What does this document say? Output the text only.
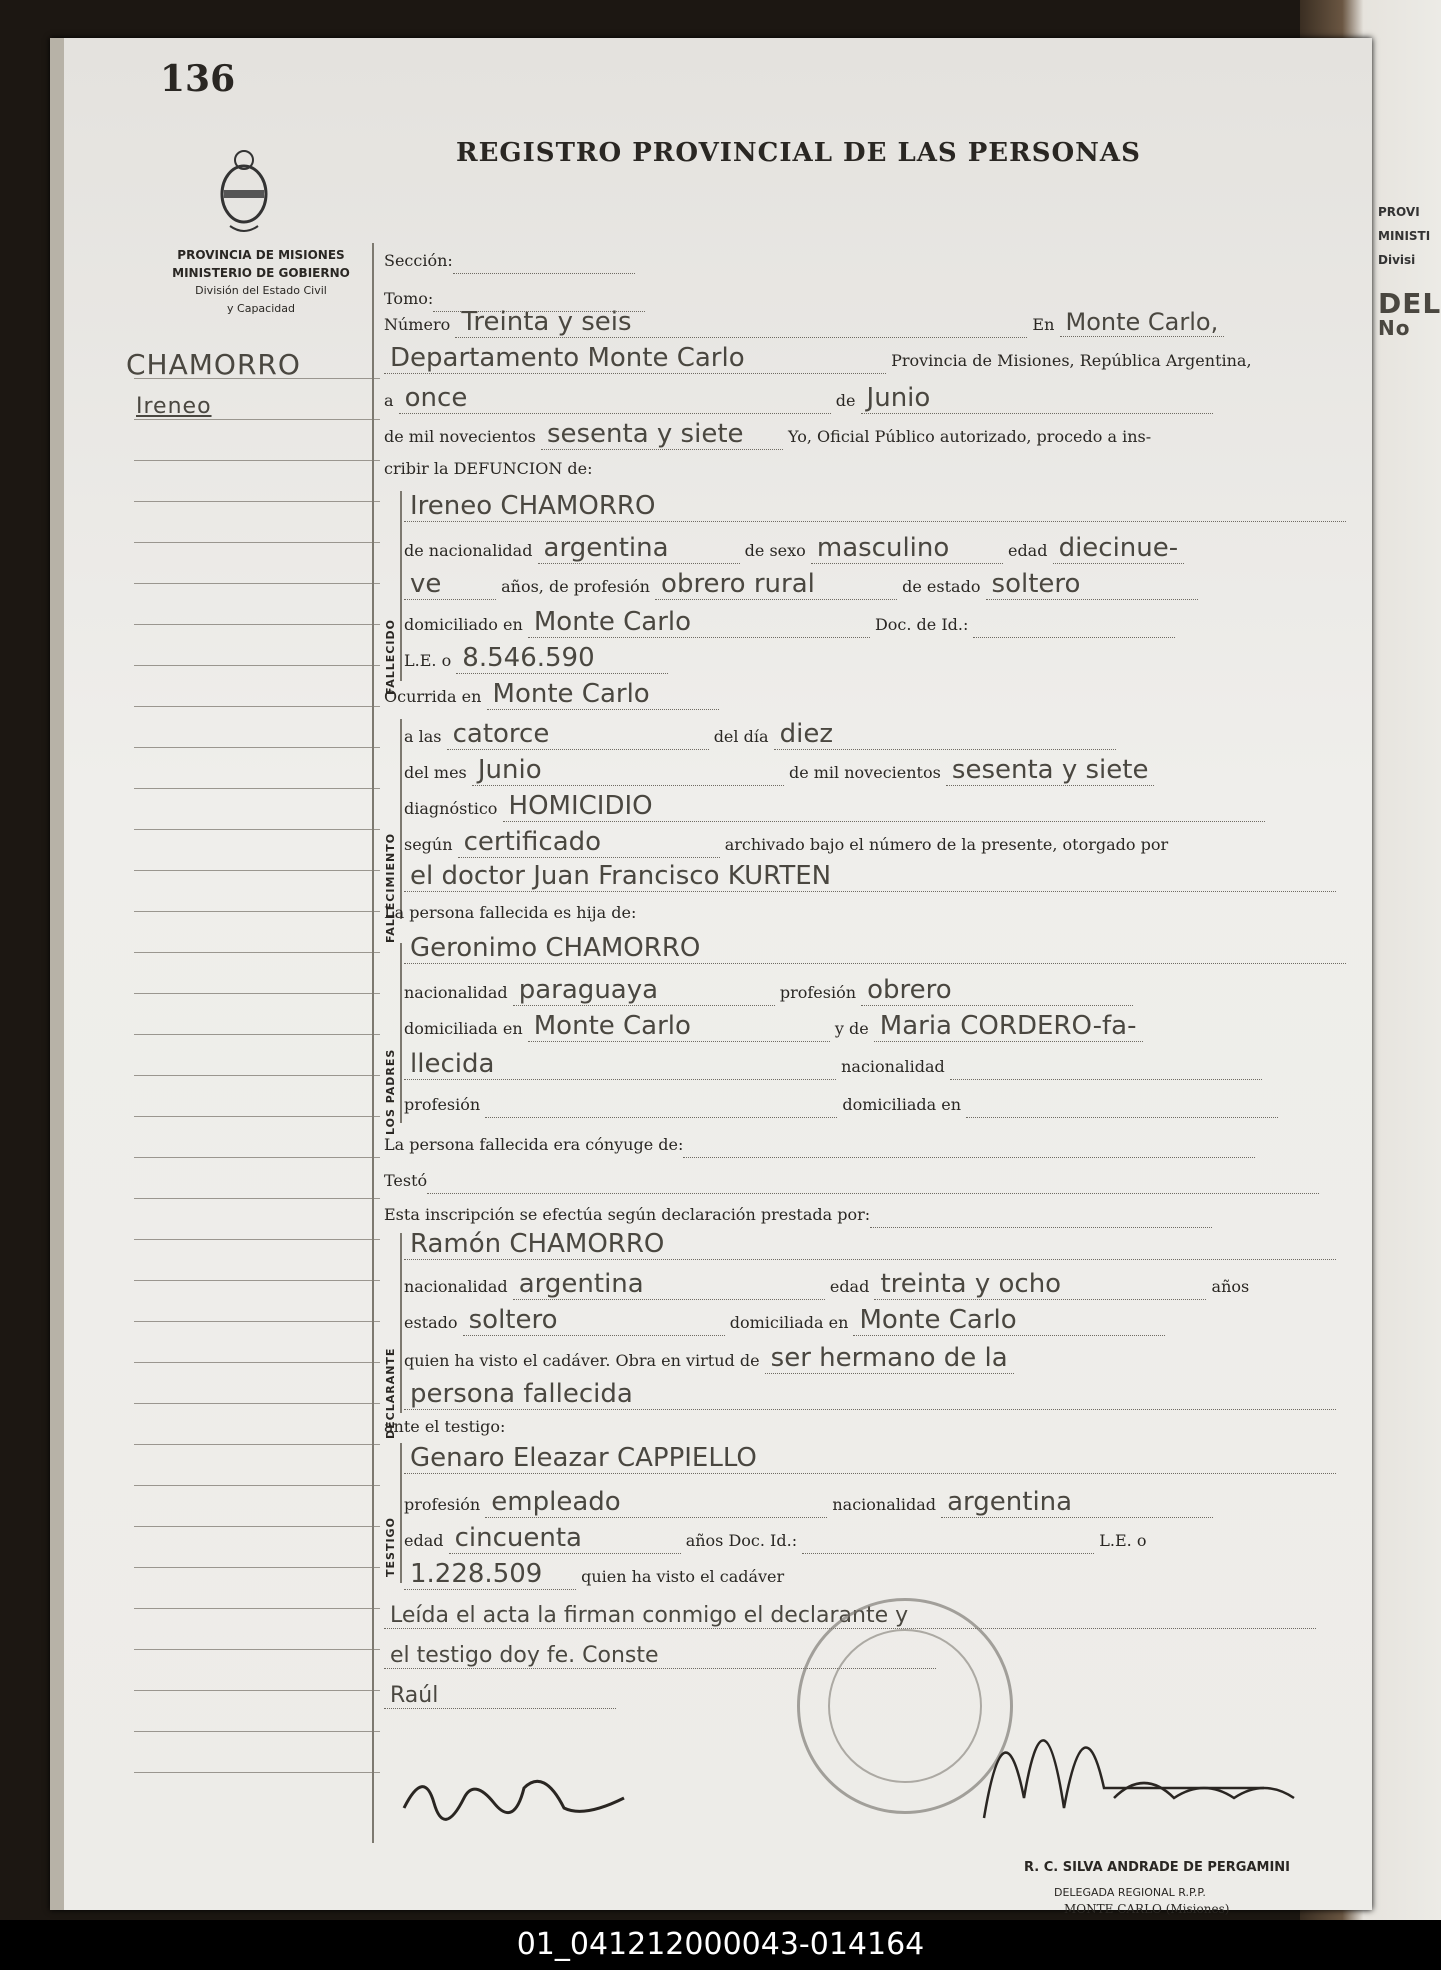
PROVI
MINISTI
Divisi
DEL
No
136
REGISTRO PROVINCIAL DE LAS PERSONAS
PROVINCIA DE MISIONES
MINISTERIO DE GOBIERNO
División del Estado Civil
y Capacidad
CHAMORRO
Ireneo
Sección:
Tomo:
Número Treinta y seis	En Monte Carlo,
Departamento Monte Carlo	Provincia de Misiones, República Argentina,
a once	de Junio
de mil novecientos sesenta y siete	Yo, Oficial Público autorizado, procedo a ins-
cribir la DEFUNCION de:
Ireneo CHAMORRO
de nacionalidad argentina	de sexo masculino	edad diecinue-
ve	años, de profesión obrero rural	de estado soltero
domiciliado en Monte Carlo	Doc. de Id.:
L.E. o 8.546.590
FALLECIDO
Ocurrida en Monte Carlo
a las catorce	del día diez
del mes Junio	de mil novecientos sesenta y siete
diagnóstico HOMICIDIO
según certificado	archivado bajo el número de la presente, otorgado por
el doctor Juan Francisco KURTEN
FALLECIMIENTO
La persona fallecida es hija de:
Geronimo CHAMORRO
nacionalidad paraguaya	profesión obrero
domiciliada en Monte Carlo	y de Maria CORDERO-fa-
llecida	nacionalidad
profesión	domiciliada en
LOS PADRES
La persona fallecida era cónyuge de:
Testó
Esta inscripción se efectúa según declaración prestada por:
Ramón CHAMORRO
nacionalidad argentina	edad treinta y ocho	años
estado soltero	domiciliada en Monte Carlo
quien ha visto el cadáver. Obra en virtud de ser hermano de la
persona fallecida
DECLARANTE
ante el testigo:
Genaro Eleazar CAPPIELLO
profesión empleado	nacionalidad argentina
edad cincuenta	años Doc. Id.:	L.E. o
1.228.509 quien ha visto el cadáver
TESTIGO
Leída el acta la firman conmigo el declarante y
el testigo doy fe. Conste
Raúl
R. C. SILVA ANDRADE DE PERGAMINI
DELEGADA REGIONAL R.P.P.
MONTE CARLO (Misiones)
01_041212000043-014164
